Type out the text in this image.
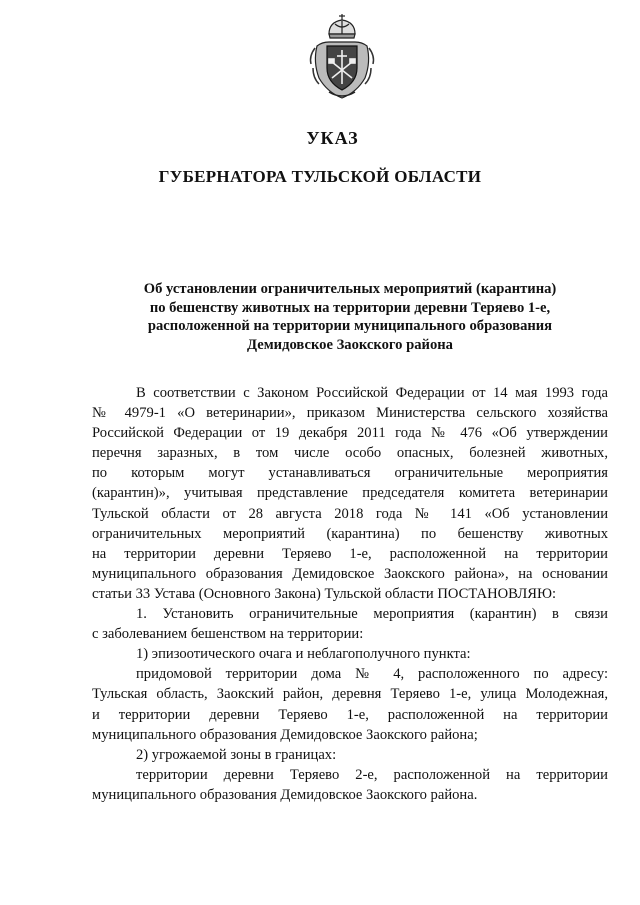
УКАЗ
ГУБЕРНАТОРА ТУЛЬСКОЙ ОБЛАСТИ
Об установлении ограничительных мероприятий (карантина)
по бешенству животных на территории деревни Теряево 1-е,
расположенной на территории муниципального образования
Демидовское Заокского района
В соответствии с Законом Российской Федерации от 14 мая 1993 года
№ 4979-1 «О ветеринарии», приказом Министерства сельского хозяйства
Российской Федерации от 19 декабря 2011 года № 476 «Об утверждении
перечня заразных, в том числе особо опасных, болезней животных,
по которым могут устанавливаться ограничительные мероприятия
(карантин)», учитывая представление председателя комитета ветеринарии
Тульской области от 28 августа 2018 года № 141 «Об установлении
ограничительных мероприятий (карантина) по бешенству животных
на территории деревни Теряево 1-е, расположенной на территории
муниципального образования Демидовское Заокского района», на основании
статьи 33 Устава (Основного Закона) Тульской области ПОСТАНОВЛЯЮ:
1. Установить ограничительные мероприятия (карантин) в связи
с заболеванием бешенством на территории:
1) эпизоотического очага и неблагополучного пункта:
придомовой территории дома № 4, расположенного по адресу:
Тульская область, Заокский район, деревня Теряево 1-е, улица Молодежная,
и территории деревни Теряево 1-е, расположенной на территории
муниципального образования Демидовское Заокского района;
2) угрожаемой зоны в границах:
территории деревни Теряево 2-е, расположенной на территории
муниципального образования Демидовское Заокского района.
